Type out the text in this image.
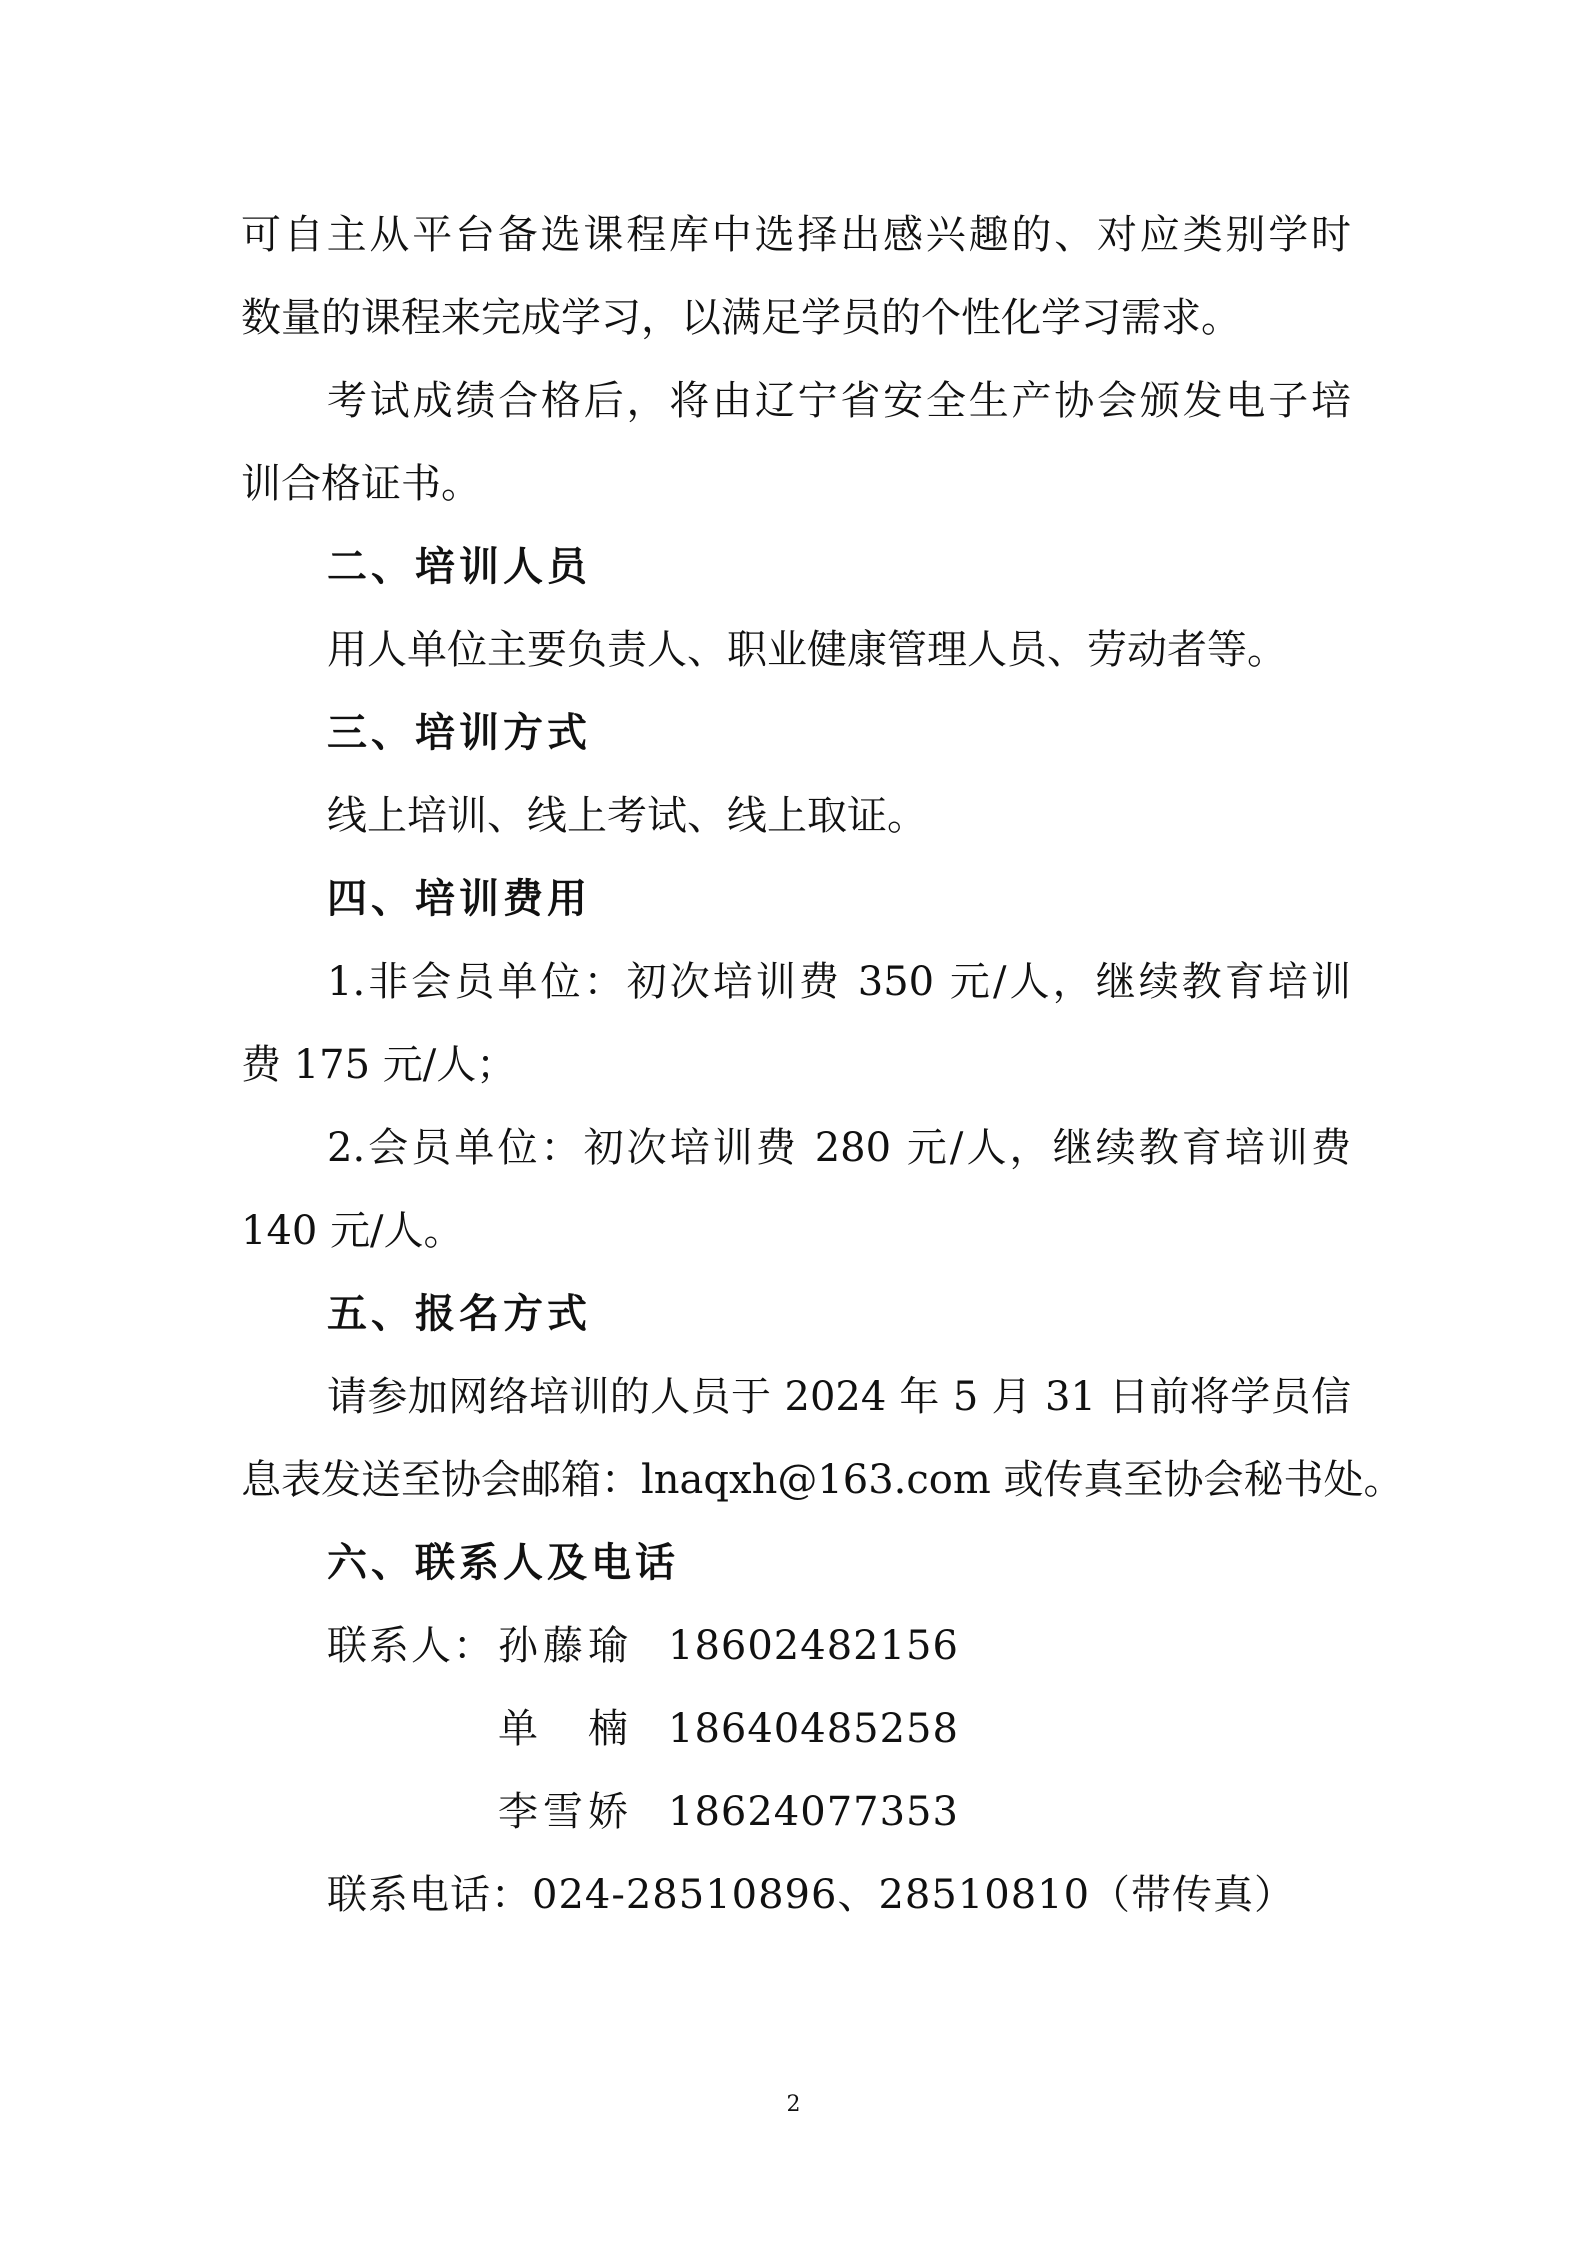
可自主从平台备选课程库中选择出感兴趣的、对应类别学时
数量的课程来完成学习，以满足学员的个性化学习需求。
考试成绩合格后，将由辽宁省安全生产协会颁发电子培
训合格证书。
二、培训人员
用人单位主要负责人、职业健康管理人员、劳动者等。
三、培训方式
线上培训、线上考试、线上取证。
四、培训费用
1.非会员单位：初次培训费 350 元/人，继续教育培训
费 175 元/人；
2.会员单位：初次培训费 280 元/人，继续教育培训费
140 元/人。
五、报名方式
请参加网络培训的人员于 2024 年 5 月 31 日前将学员信
息表发送至协会邮箱：lnaqxh@163.com 或传真至协会秘书处。
六、联系人及电话
联系人： 孙藤瑜 18602482156
单楠 18640485258
李雪娇 18624077353
联系电话：024-28510896、28510810（带传真）
2
